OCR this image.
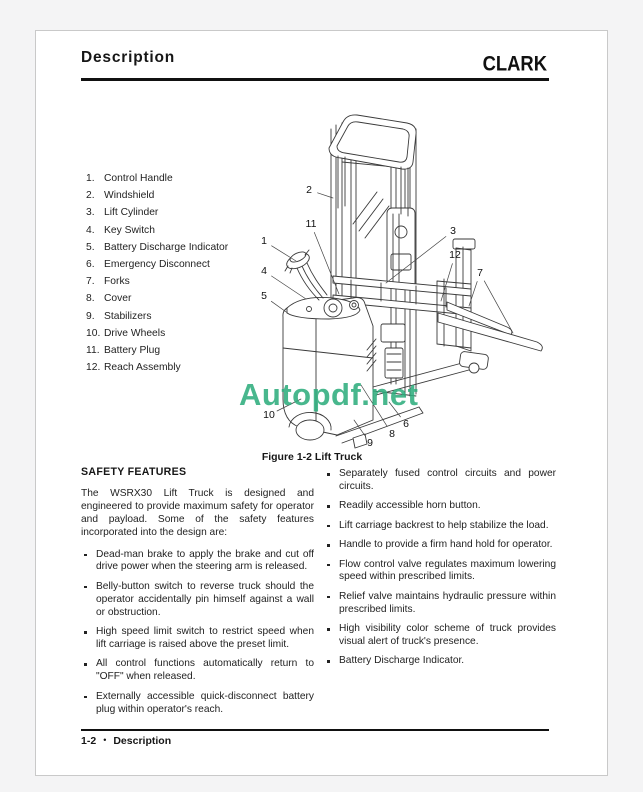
Description	CLARK
1. Control Handle
2. Windshield
3. Lift Cylinder
4. Key Switch
5. Battery Discharge Indicator
6. Emergency Disconnect
7. Forks
8. Cover
9. Stabilizers
10. Drive Wheels
11. Battery Plug
12. Reach Assembly
1
2
3
4
5
6
7
8
9
10
11
12
Autopdf.net
Figure 1-2 Lift Truck
SAFETY FEATURES

The WSRX30 Lift Truck is designed and engineered to provide maximum safety for operator and payload. Some of the safety features incorporated into the design are:

Dead-man brake to apply the brake and cut off drive power when the steering arm is released.
Belly-button switch to reverse truck should the operator accidentally pin himself against a wall or obstruction.
High speed limit switch to restrict speed when lift carriage is raised above the preset limit.
All control functions automatically return to "OFF" when released.
Externally accessible quick-disconnect battery plug within operator's reach.
Separately fused control circuits and power circuits.
Readily accessible horn button.
Lift carriage backrest to help stabilize the load.
Handle to provide a firm hand hold for operator.
Flow control valve regulates maximum lowering speed within prescribed limits.
Relief valve maintains hydraulic pressure within prescribed limits.
High visibility color scheme of truck provides visual alert of truck's presence.
Battery Discharge Indicator.
1-2 • Description
